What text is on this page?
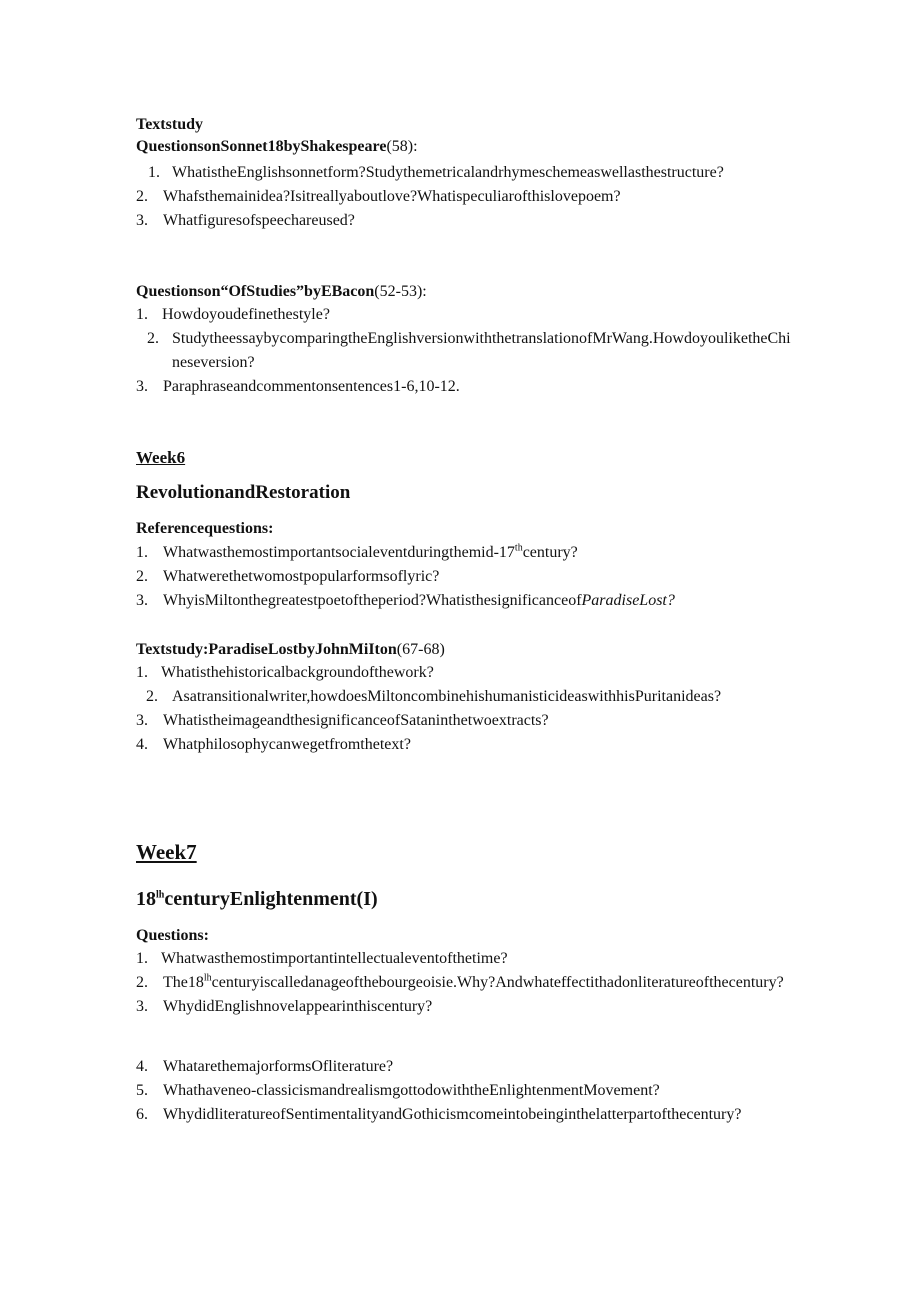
Textstudy
QuestionsonSonnet18byShakespeare(58):
1. WhatistheEnglishsonnetform?Studythemetricalandrhymeschemeaswellasthestructure?
2. Whafsthemainidea?Isitreallyaboutlove?Whatispeculiarofthislovepoem?
3. Whatfiguresofspeechareused?
Questionson“OfStudies”byEBacon(52-53):
1. Howdoyoudefinethestyle?
2. StudytheessaybycomparingtheEnglishversionwiththetranslationofMrWang.HowdoyouliketheChineseversion?
3. Paraphraseandcommentonsentences1-6,10-12.
Week6
RevolutionandRestoration
Referencequestions:
1. Whatwasthemostimportantsocialeventduringthemid-17thcentury?
2. Whatwerethetwomostpopularformsoflyric?
3. WhyisMiltonthegreatestpoetoftheperiod?WhatisthesignificanceofParadiseLost?
Textstudy:ParadiseLostbyJohnMiIton(67-68)
1. Whatisthehistoricalbackgroundofthework?
2. Asatransitionalwriter,howdoesMiltoncombinehishumanisticideaswithhisPuritanideas?
3. WhatistheimageandthesignificanceofSataninthetwoextracts?
4. Whatphilosophycanwegetfromthetext?
Week7
$18^{lh}centuryEnlightenment(I)$
Questions:
1. Whatwasthemostimportantintellectualeventofthetime?
2. $The18^{lh}centuryiscalledanageofthebourgeoisie.Why?Andwhateffectithadonliteratureofthecentury$?
3. WhydidEnglishnovelappearinthiscentury?
4. WhatarethemajorformsOfliterature?
5. Whathaveneo-classicismandrealismgottodowiththeEnlightenmentMovement?
6. WhydidliteratureofSentimentalityandGothicismcomeintobeinginthelatterpartofthecentury?
